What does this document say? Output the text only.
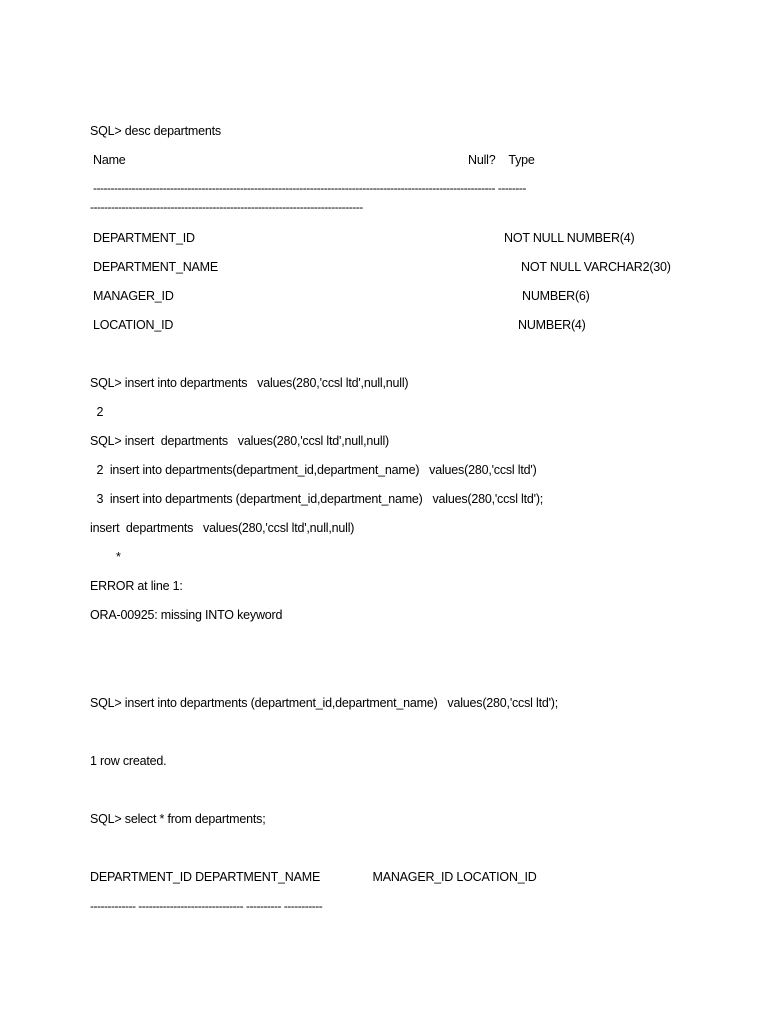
SQL> desc departments
Name	Null?    Type
------------------------------------------------------------------------------------------------------------------- --------
------------------------------------------------------------------------------
DEPARTMENT_ID	NOT NULL NUMBER(4)
DEPARTMENT_NAME	NOT NULL VARCHAR2(30)
MANAGER_ID	NUMBER(6)
LOCATION_ID	NUMBER(4)
SQL> insert into departments   values(280,'ccsl ltd',null,null)
2
SQL> insert  departments   values(280,'ccsl ltd',null,null)
2  insert into departments(department_id,department_name)   values(280,'ccsl ltd')
3  insert into departments (department_id,department_name)   values(280,'ccsl ltd');
insert  departments   values(280,'ccsl ltd',null,null)
*
ERROR at line 1:
ORA-00925: missing INTO keyword
SQL> insert into departments (department_id,department_name)   values(280,'ccsl ltd');
1 row created.
SQL> select * from departments;
DEPARTMENT_ID DEPARTMENT_NAME                MANAGER_ID LOCATION_ID
------------- ------------------------------ ---------- -----------
